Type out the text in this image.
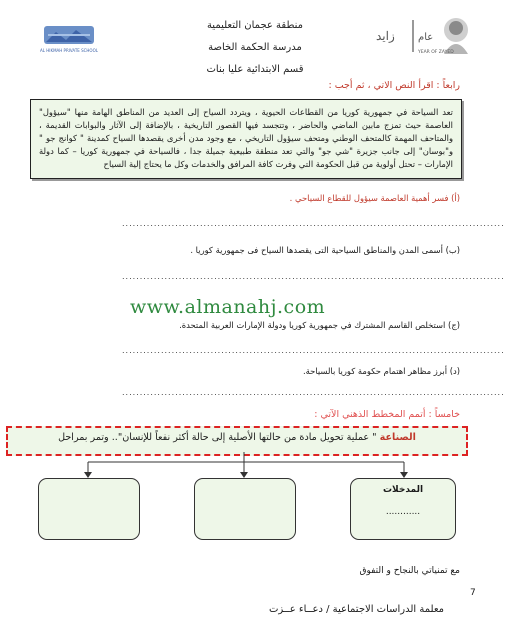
منطقة عجمان التعليمية
مدرسة الحكمة الخاصة
قسم الابتدائية عليا بنات
AL HIKMAH PRIVATE SCHOOL
عام
زايد
YEAR OF ZAYED
رابعاً : اقرأ النص الاتي ، ثم أجب :

تعد السياحة في جمهورية كوريا من القطاعات الحيوية ، ويتردد السياح إلى العديد من المناطق الهامة منها "سيؤول" العاصمة حيث تمزج مابين الماضي والحاضر ، وتتجسد فيها القصور التاريخية ، بالإضافة إلى الآثار والبوابات القديمة ، والمتاحف المهمة كالمتحف الوطني ومتحف سيؤول التاريخي ، مع وجود مدن أخرى يقصدها السياح كمدينة " كوانج جو " و"بوسان" إلى جانب جزيرة "شي جو" والتي تعد منطقة طبيعية جميلة جدا ، فالسياحة في جمهورية كوريا – كما دولة الإمارات – تحتل أولوية من قبل الحكومة التي وفرت كافة المرافق والخدمات وكل ما يحتاج إلية السياح

(أ) فسر أهمية العاصمة سيؤول للقطاع السياحي .
............................................................................................................
(ب) أسمى المدن والمناطق السياحية التى يقصدها السياح فى جمهورية كوريا .
............................................................................................................
www.almanahj.com
(ج) استخلص القاسم المشترك في جمهورية كوريا ودولة الإمارات العربية المتحدة.
............................................................................................................
(د) أبرز مظاهر اهتمام حكومة كوريا بالسياحة.
............................................................................................................
خامساً : أتمم المخطط الذهني الآتي :
الصناعة " عملية تحويل مادة من حالتها الأصلية إلى حالة أكثر نفعاً للإنسان".. وتمر بمراحل
المدخلات
............
مع تمنياتي بالنجاح و التفوق
7
معلمة الدراسات الاجتماعية / دعــاء عــزت
